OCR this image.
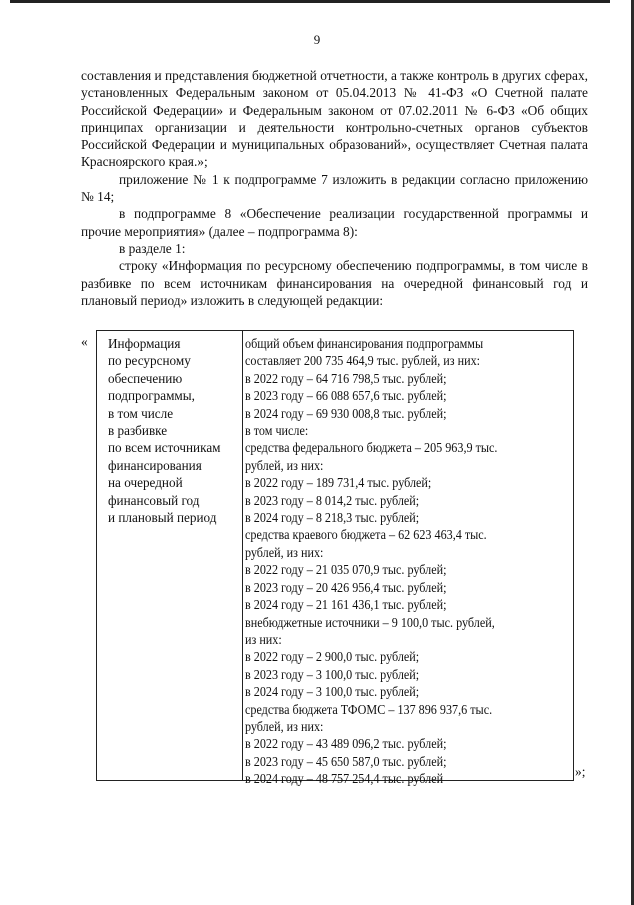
9

составления и представления бюджетной отчетности, а также контроль в других сферах, установленных Федеральным законом от 05.04.2013 № 41-ФЗ «О Счетной палате Российской Федерации» и Федеральным законом от 07.02.2011 № 6-ФЗ «Об общих принципах организации и деятельности контрольно-счетных органов субъектов Российской Федерации и муниципальных образований», осуществляет Счетная палата Красноярского края.»;

приложение № 1 к подпрограмме 7 изложить в редакции согласно приложению № 14;

в подпрограмме 8 «Обеспечение реализации государственной программы и прочие мероприятия» (далее – подпрограмма 8):

в разделе 1:

строку «Информация по ресурсному обеспечению подпрограммы, в том числе в разбивке по всем источникам финансирования на очередной финансовый год и плановый период» изложить в следующей редакции:

« Информация
по ресурсному
обеспечению
подпрограммы,
в том числе
в разбивке
по всем источникам
финансирования
на очередной
финансовый год
и плановый период
общий объем финансирования подпрограммы
составляет 200 735 464,9 тыс. рублей, из них:
в 2022 году – 64 716 798,5 тыс. рублей;
в 2023 году – 66 088 657,6 тыс. рублей;
в 2024 году – 69 930 008,8 тыс. рублей;
в том числе:
средства федерального бюджета – 205 963,9 тыс.
рублей, из них:
в 2022 году – 189 731,4 тыс. рублей;
в 2023 году – 8 014,2 тыс. рублей;
в 2024 году – 8 218,3 тыс. рублей;
средства краевого бюджета – 62 623 463,4 тыс.
рублей, из них:
в 2022 году – 21 035 070,9 тыс. рублей;
в 2023 году – 20 426 956,4 тыс. рублей;
в 2024 году – 21 161 436,1 тыс. рублей;
внебюджетные источники – 9 100,0 тыс. рублей,
из них:
в 2022 году – 2 900,0 тыс. рублей;
в 2023 году – 3 100,0 тыс. рублей;
в 2024 году – 3 100,0 тыс. рублей;
средства бюджета ТФОМС – 137 896 937,6 тыс.
рублей, из них:
в 2022 году – 43 489 096,2 тыс. рублей;
в 2023 году – 45 650 587,0 тыс. рублей;
в 2024 году – 48 757 254,4 тыс. рублей	»;
